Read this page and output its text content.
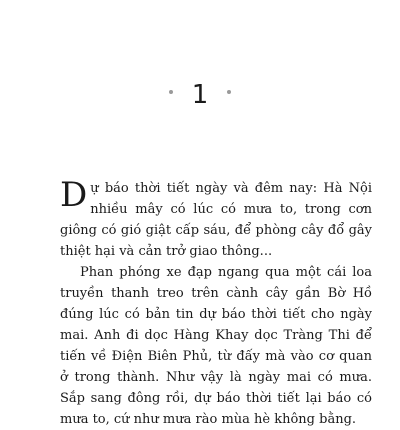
1

Dự báo thời tiết ngày và đêm nay: Hà Nội nhiều mây có lúc có mưa to, trong cơn giông có gió giật cấp sáu, để phòng cây đổ gây thiệt hại và cản trở giao thông...

Phan phóng xe đạp ngang qua một cái loa truyền thanh treo trên cành cây gần Bờ Hồ đúng lúc có bản tin dự báo thời tiết cho ngày mai. Anh đi dọc Hàng Khay dọc Tràng Thi để tiến về Điện Biên Phủ, từ đấy mà vào cơ quan ở trong thành. Như vậy là ngày mai có mưa. Sắp sang đông rồi, dự báo thời tiết lại báo có mưa to, cứ như mưa rào mùa hè không bằng.
